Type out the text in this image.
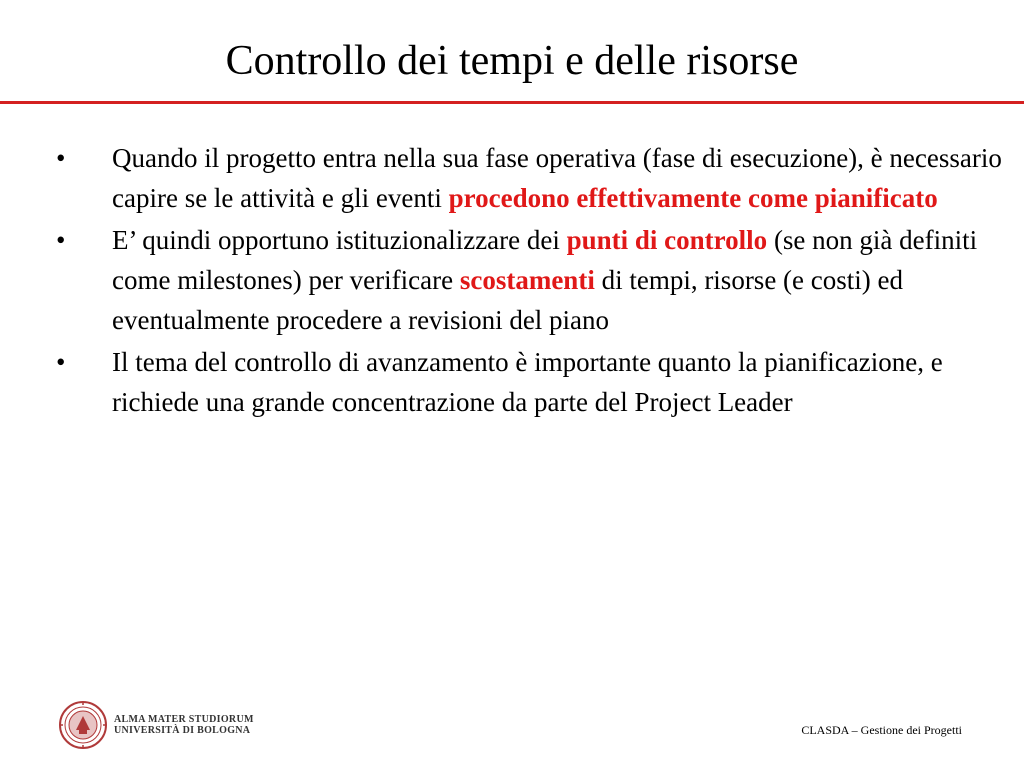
Controllo dei tempi e delle risorse
• Quando il progetto entra nella sua fase operativa (fase di esecuzione), è necessario capire se le attività e gli eventi procedono effettivamente come pianificato
• E’ quindi opportuno istituzionalizzare dei punti di controllo (se non già definiti come milestones) per verificare scostamenti di tempi, risorse (e costi) ed eventualmente procedere a revisioni del piano
• Il tema del controllo di avanzamento è importante quanto la pianificazione, e richiede una grande concentrazione da parte del Project Leader
ALMA MATER STUDIORUM
UNIVERSITÀ DI BOLOGNA	CLASDA – Gestione dei Progetti
